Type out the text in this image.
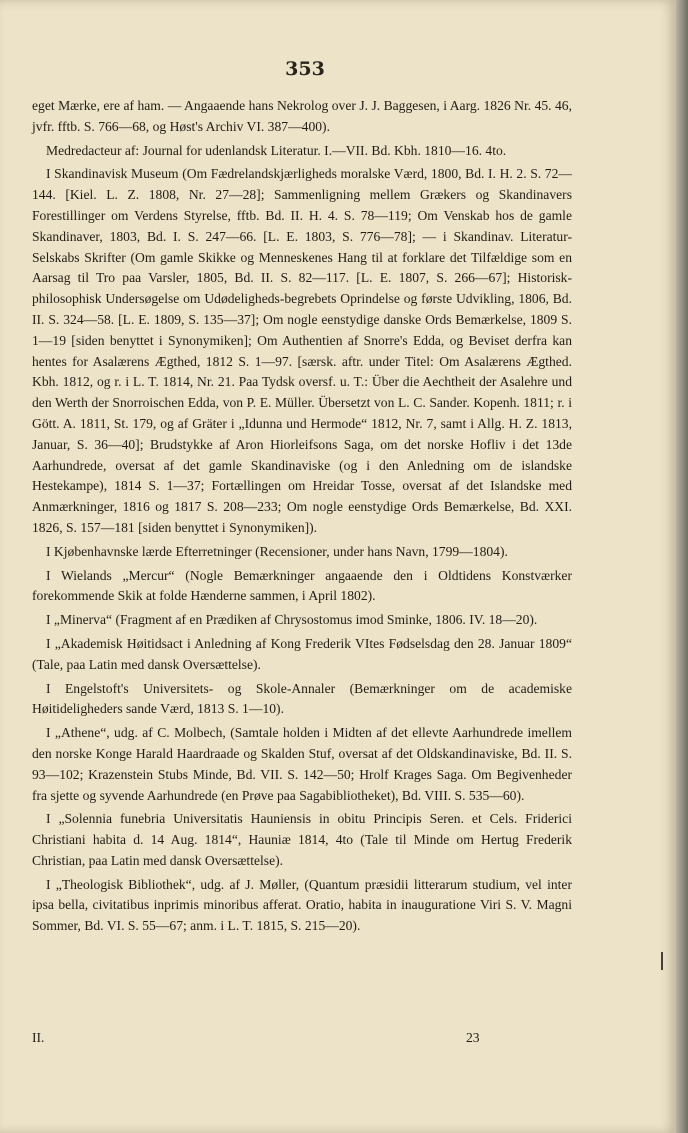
353
eget Mærke, ere af ham. — Angaaende hans Nekrolog over J. J. Baggesen, i Aarg. 1826 Nr. 45. 46, jvfr. fftb. S. 766—68, og Høst's Archiv VI. 387—400).
Medredacteur af: Journal for udenlandsk Literatur. I.—VII. Bd. Kbh. 1810—16. 4to.
I Skandinavisk Museum (Om Fædrelandskjærligheds moralske Værd, 1800, Bd. I. H. 2. S. 72—144. [Kiel. L. Z. 1808, Nr. 27—28]; Sammenligning mellem Grækers og Skandinavers Forestillinger om Verdens Styrelse, fftb. Bd. II. H. 4. S. 78—119; Om Venskab hos de gamle Skandinaver, 1803, Bd. I. S. 247—66. [L. E. 1803, S. 776—78]; — i Skandinav. Literatur-Selskabs Skrifter (Om gamle Skikke og Menneskenes Hang til at forklare det Tilfældige som en Aarsag til Tro paa Varsler, 1805, Bd. II. S. 82—117. [L. E. 1807, S. 266—67]; Historisk-philosophisk Undersøgelse om Udødeligheds-begrebets Oprindelse og første Udvikling, 1806, Bd. II. S. 324—58. [L. E. 1809, S. 135—37]; Om nogle eenstydige danske Ords Bemærkelse, 1809 S. 1—19 [siden benyttet i Synonymiken]; Om Authentien af Snorre's Edda, og Beviset derfra kan hentes for Asalærens Ægthed, 1812 S. 1—97. [særsk. aftr. under Titel: Om Asalærens Ægthed. Kbh. 1812, og r. i L. T. 1814, Nr. 21. Paa Tydsk oversf. u. T.: Über die Aechtheit der Asalehre und den Werth der Snorroischen Edda, von P. E. Müller. Übersetzt von L. C. Sander. Kopenh. 1811; r. i Gött. A. 1811, St. 179, og af Gräter i „Idunna und Hermode“ 1812, Nr. 7, samt i Allg. H. Z. 1813, Januar, S. 36—40]; Brudstykke af Aron Hiorleifsons Saga, om det norske Hofliv i det 13de Aarhundrede, oversat af det gamle Skandinaviske (og i den Anledning om de islandske Hestekampe), 1814 S. 1—37; Fortællingen om Hreidar Tosse, oversat af det Islandske med Anmærkninger, 1816 og 1817 S. 208—233; Om nogle eenstydige Ords Bemærkelse, Bd. XXI. 1826, S. 157—181 [siden benyttet i Synonymiken]).
I Kjøbenhavnske lærde Efterretninger (Recensioner, under hans Navn, 1799—1804).
I Wielands „Mercur“ (Nogle Bemærkninger angaaende den i Oldtidens Konstværker forekommende Skik at folde Hænderne sammen, i April 1802).
I „Minerva“ (Fragment af en Prædiken af Chrysostomus imod Sminke, 1806. IV. 18—20).
I „Akademisk Høitidsact i Anledning af Kong Frederik VItes Fødselsdag den 28. Januar 1809“ (Tale, paa Latin med dansk Oversættelse).
I Engelstoft's Universitets- og Skole-Annaler (Bemærkninger om de academiske Høitideligheders sande Værd, 1813 S. 1—10).
I „Athene“, udg. af C. Molbech, (Samtale holden i Midten af det ellevte Aarhundrede imellem den norske Konge Harald Haardraade og Skalden Stuf, oversat af det Oldskandinaviske, Bd. II. S. 93—102; Krazenstein Stubs Minde, Bd. VII. S. 142—50; Hrolf Krages Saga. Om Begivenheder fra sjette og syvende Aarhundrede (en Prøve paa Sagabibliotheket), Bd. VIII. S. 535—60).
I „Solennia funebria Universitatis Hauniensis in obitu Principis Seren. et Cels. Friderici Christiani habita d. 14 Aug. 1814“, Hauniæ 1814, 4to (Tale til Minde om Hertug Frederik Christian, paa Latin med dansk Oversættelse).
I „Theologisk Bibliothek“, udg. af J. Møller, (Quantum præsidii litterarum studium, vel inter ipsa bella, civitatibus inprimis minoribus afferat. Oratio, habita in inauguratione Viri S. V. Magni Sommer, Bd. VI. S. 55—67; anm. i L. T. 1815, S. 215—20).
II.	23
